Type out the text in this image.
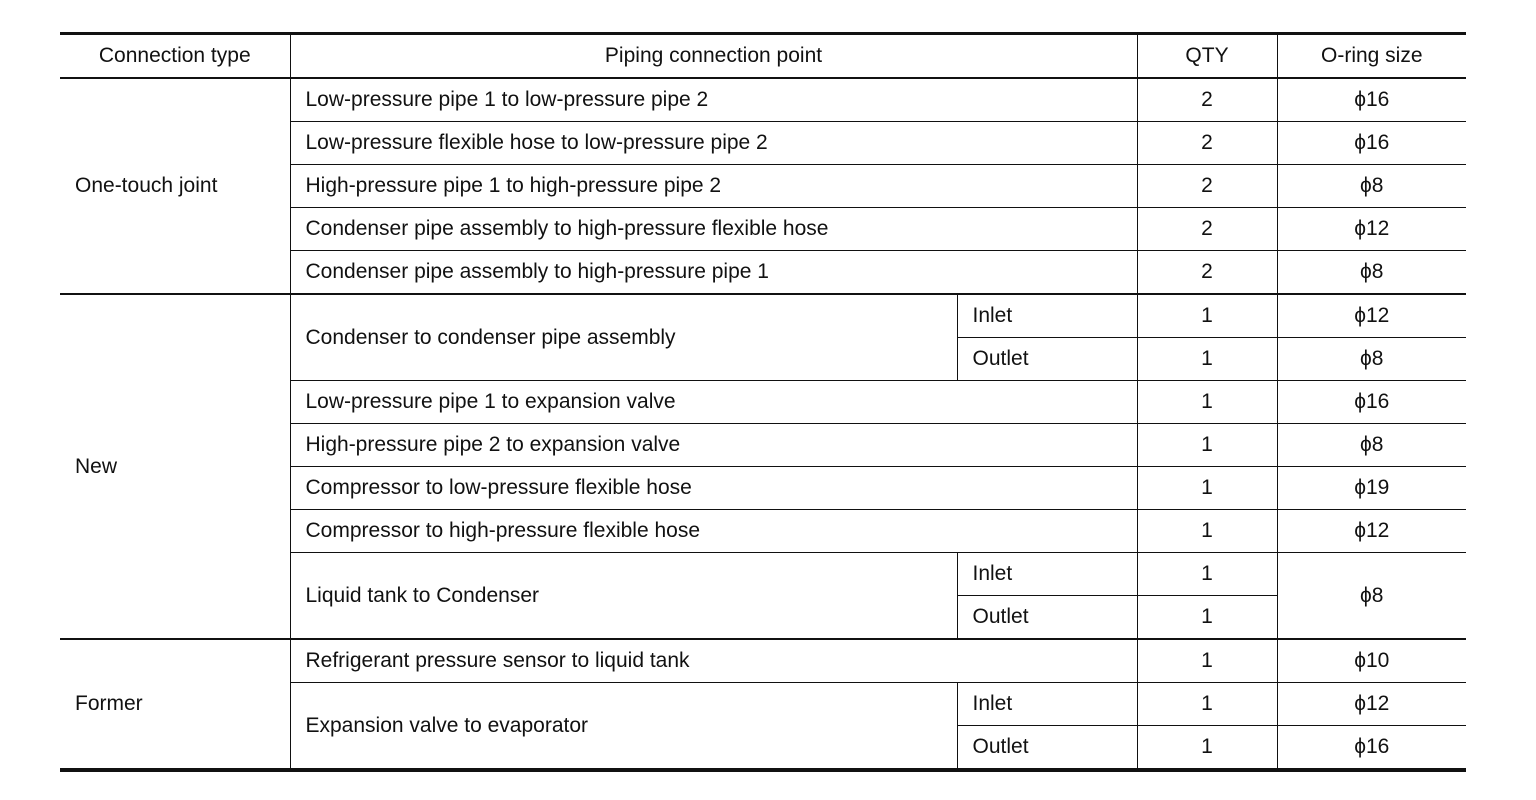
Connection type	Piping connection point		QTY	O-ring size
One-touch joint	Low-pressure pipe 1 to low-pressure pipe 2		2	ϕ16
	Low-pressure flexible hose to low-pressure pipe 2		2	ϕ16
	High-pressure pipe 1 to high-pressure pipe 2		2	ϕ8
	Condenser pipe assembly to high-pressure flexible hose		2	ϕ12
	Condenser pipe assembly to high-pressure pipe 1		2	ϕ8
New	Condenser to condenser pipe assembly	Inlet	1	ϕ12
		Outlet	1	ϕ8
	Low-pressure pipe 1 to expansion valve		1	ϕ16
	High-pressure pipe 2 to expansion valve		1	ϕ8
	Compressor to low-pressure flexible hose		1	ϕ19
	Compressor to high-pressure flexible hose		1	ϕ12
	Liquid tank to Condenser	Inlet	1	ϕ8
		Outlet	1	
Former	Refrigerant pressure sensor to liquid tank		1	ϕ10
	Expansion valve to evaporator	Inlet	1	ϕ12
		Outlet	1	ϕ16
